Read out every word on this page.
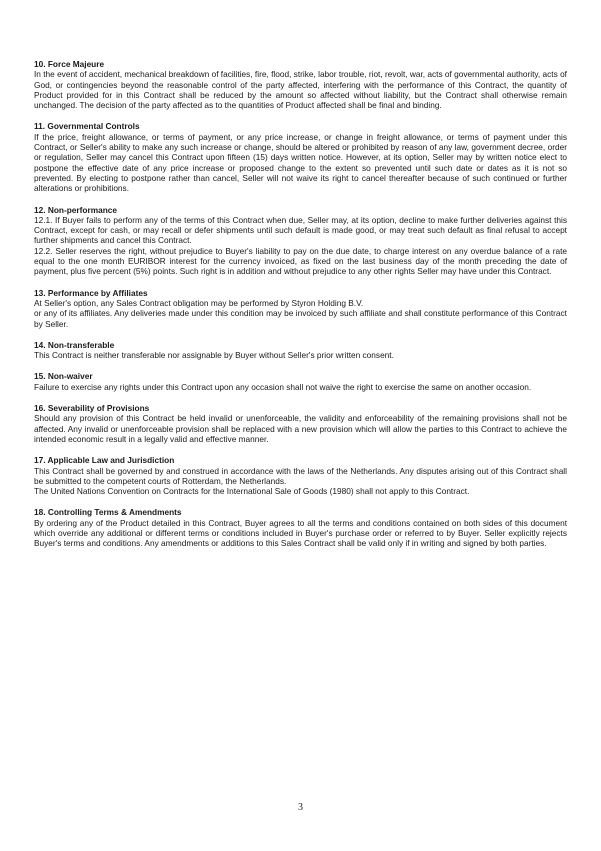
10. Force Majeure

In the event of accident, mechanical breakdown of facilities, fire, flood, strike, labor trouble, riot, revolt, war, acts of governmental authority, acts of God, or contingencies beyond the reasonable control of the party affected, interfering with the performance of this Contract, the quantity of Product provided for in this Contract shall be reduced by the amount so affected without liability, but the Contract shall otherwise remain unchanged. The decision of the party affected as to the quantities of Product affected shall be final and binding.

11. Governmental Controls

If the price, freight allowance, or terms of payment, or any price increase, or change in freight allowance, or terms of payment under this Contract, or Seller's ability to make any such increase or change, should be altered or prohibited by reason of any law, government decree, order or regulation, Seller may cancel this Contract upon fifteen (15) days written notice. However, at its option, Seller may by written notice elect to postpone the effective date of any price increase or proposed change to the extent so prevented until such date or dates as it is not so prevented. By electing to postpone rather than cancel, Seller will not waive its right to cancel thereafter because of such continued or further alterations or prohibitions.

12. Non-performance

12.1. If Buyer fails to perform any of the terms of this Contract when due, Seller may, at its option, decline to make further deliveries against this Contract, except for cash, or may recall or defer shipments until such default is made good, or may treat such default as final refusal to accept further shipments and cancel this Contract.

12.2. Seller reserves the right, without prejudice to Buyer's liability to pay on the due date, to charge interest on any overdue balance of a rate equal to the one month EURIBOR interest for the currency invoiced, as fixed on the last business day of the month preceding the date of payment, plus five percent (5%) points. Such right is in addition and without prejudice to any other rights Seller may have under this Contract.

13. Performance by Affiliates

At Seller's option, any Sales Contract obligation may be performed by Styron Holding B.V.

or any of its affiliates. Any deliveries made under this condition may be invoiced by such affiliate and shall constitute performance of this Contract by Seller.

14. Non-transferable

This Contract is neither transferable nor assignable by Buyer without Seller's prior written consent.

15. Non-waiver

Failure to exercise any rights under this Contract upon any occasion shall not waive the right to exercise the same on another occasion.

16. Severability of Provisions

Should any provision of this Contract be held invalid or unenforceable, the validity and enforceability of the remaining provisions shall not be affected. Any invalid or unenforceable provision shall be replaced with a new provision which will allow the parties to this Contract to achieve the intended economic result in a legally valid and effective manner.

17. Applicable Law and Jurisdiction

This Contract shall be governed by and construed in accordance with the laws of the Netherlands. Any disputes arising out of this Contract shall be submitted to the competent courts of Rotterdam, the Netherlands.

The United Nations Convention on Contracts for the International Sale of Goods (1980) shall not apply to this Contract.

18. Controlling Terms & Amendments

By ordering any of the Product detailed in this Contract, Buyer agrees to all the terms and conditions contained on both sides of this document which override any additional or different terms or conditions included in Buyer's purchase order or referred to by Buyer. Seller explicitly rejects Buyer's terms and conditions. Any amendments or additions to this Sales Contract shall be valid only if in writing and signed by both parties.

3
